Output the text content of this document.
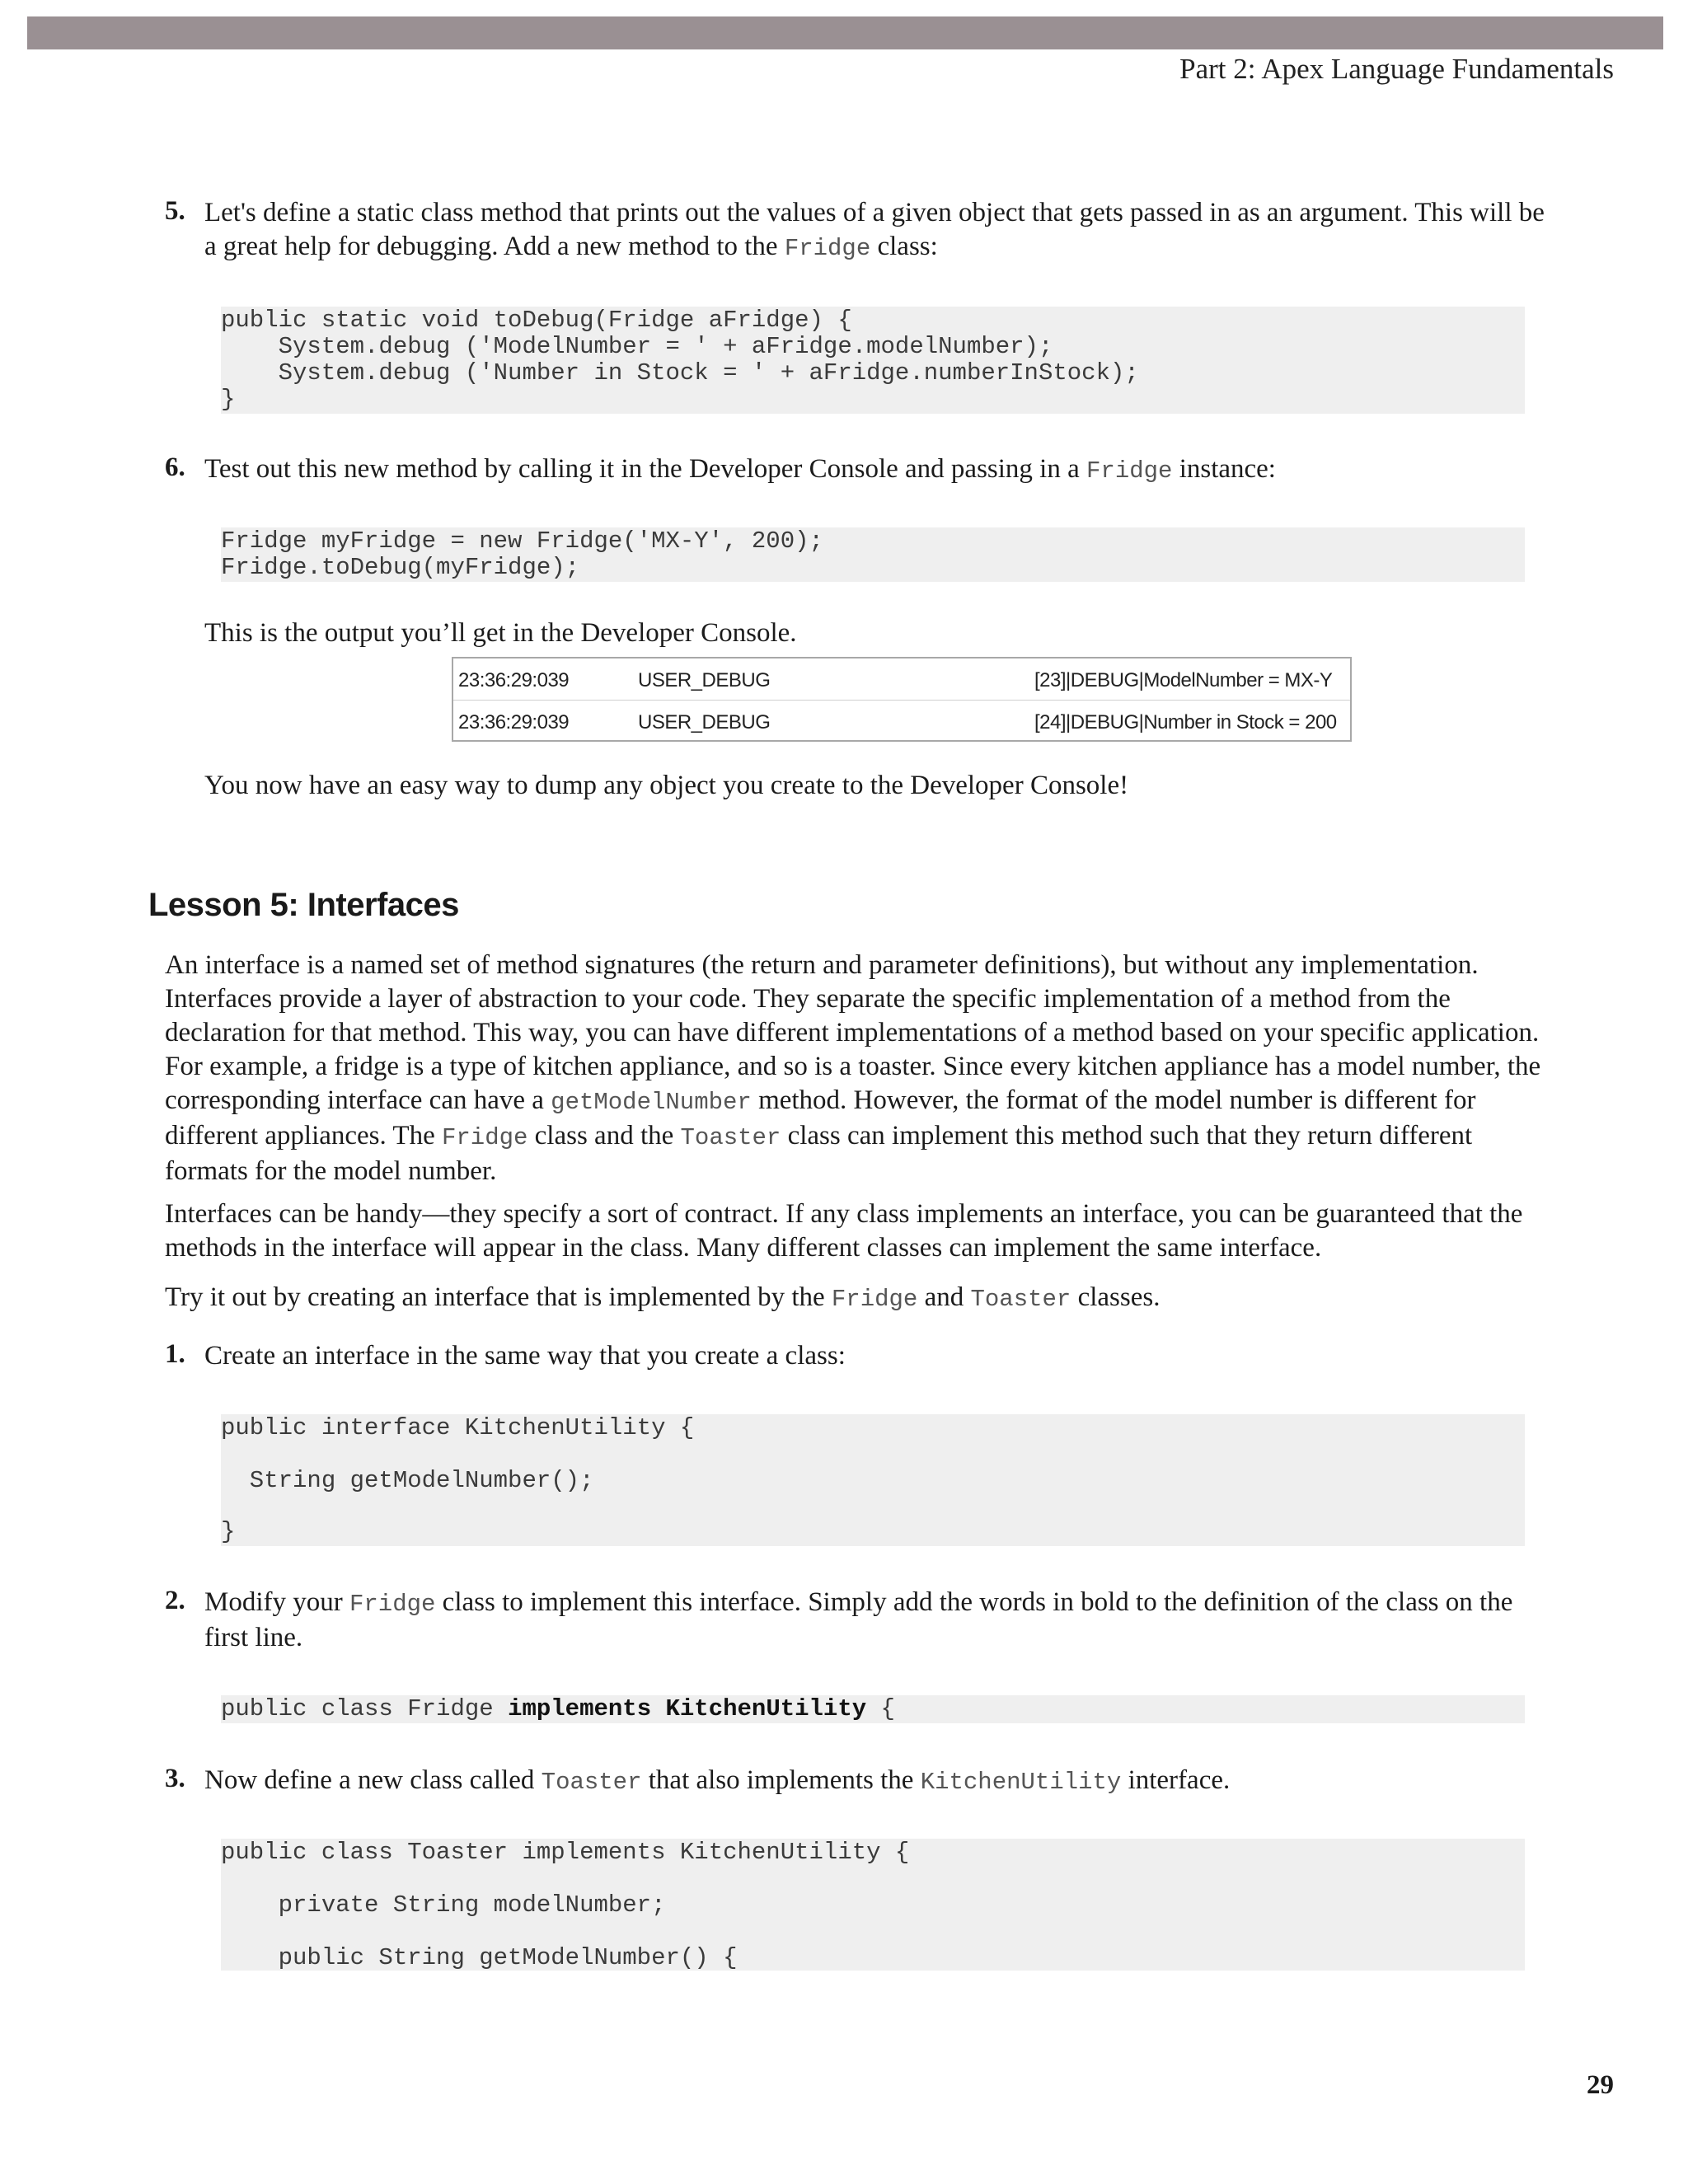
Part 2: Apex Language Fundamentals
5. Let's define a static class method that prints out the values of a given object that gets passed in as an argument. This will be a great help for debugging. Add a new method to the Fridge class:

public static void toDebug(Fridge aFridge) {

System.debug ('ModelNumber = ' + aFridge.modelNumber);

System.debug ('Number in Stock = ' + aFridge.numberInStock);

}

6. Test out this new method by calling it in the Developer Console and passing in a Fridge instance:

Fridge myFridge = new Fridge('MX-Y', 200);

Fridge.toDebug(myFridge);

This is the output you’ll get in the Developer Console.
23:36:29:039	USER_DEBUG	[23]|DEBUG|ModelNumber = MX-Y
23:36:29:039	USER_DEBUG	[24]|DEBUG|Number in Stock = 200
You now have an easy way to dump any object you create to the Developer Console!
Lesson 5: Interfaces
An interface is a named set of method signatures (the return and parameter definitions), but without any implementation. Interfaces provide a layer of abstraction to your code. They separate the specific implementation of a method from the declaration for that method. This way, you can have different implementations of a method based on your specific application. For example, a fridge is a type of kitchen appliance, and so is a toaster. Since every kitchen appliance has a model number, the corresponding interface can have a getModelNumber method. However, the format of the model number is different for different appliances. The Fridge class and the Toaster class can implement this method such that they return different formats for the model number.
Interfaces can be handy—they specify a sort of contract. If any class implements an interface, you can be guaranteed that the methods in the interface will appear in the class. Many different classes can implement the same interface.
Try it out by creating an interface that is implemented by the Fridge and Toaster classes.
1. Create an interface in the same way that you create a class:

public interface KitchenUtility {

String getModelNumber();

}

2. Modify your Fridge class to implement this interface. Simply add the words in bold to the definition of the class on the first line.

public class Fridge implements KitchenUtility {

3. Now define a new class called Toaster that also implements the KitchenUtility interface.

public class Toaster implements KitchenUtility {

private String modelNumber;

public String getModelNumber() {

29
